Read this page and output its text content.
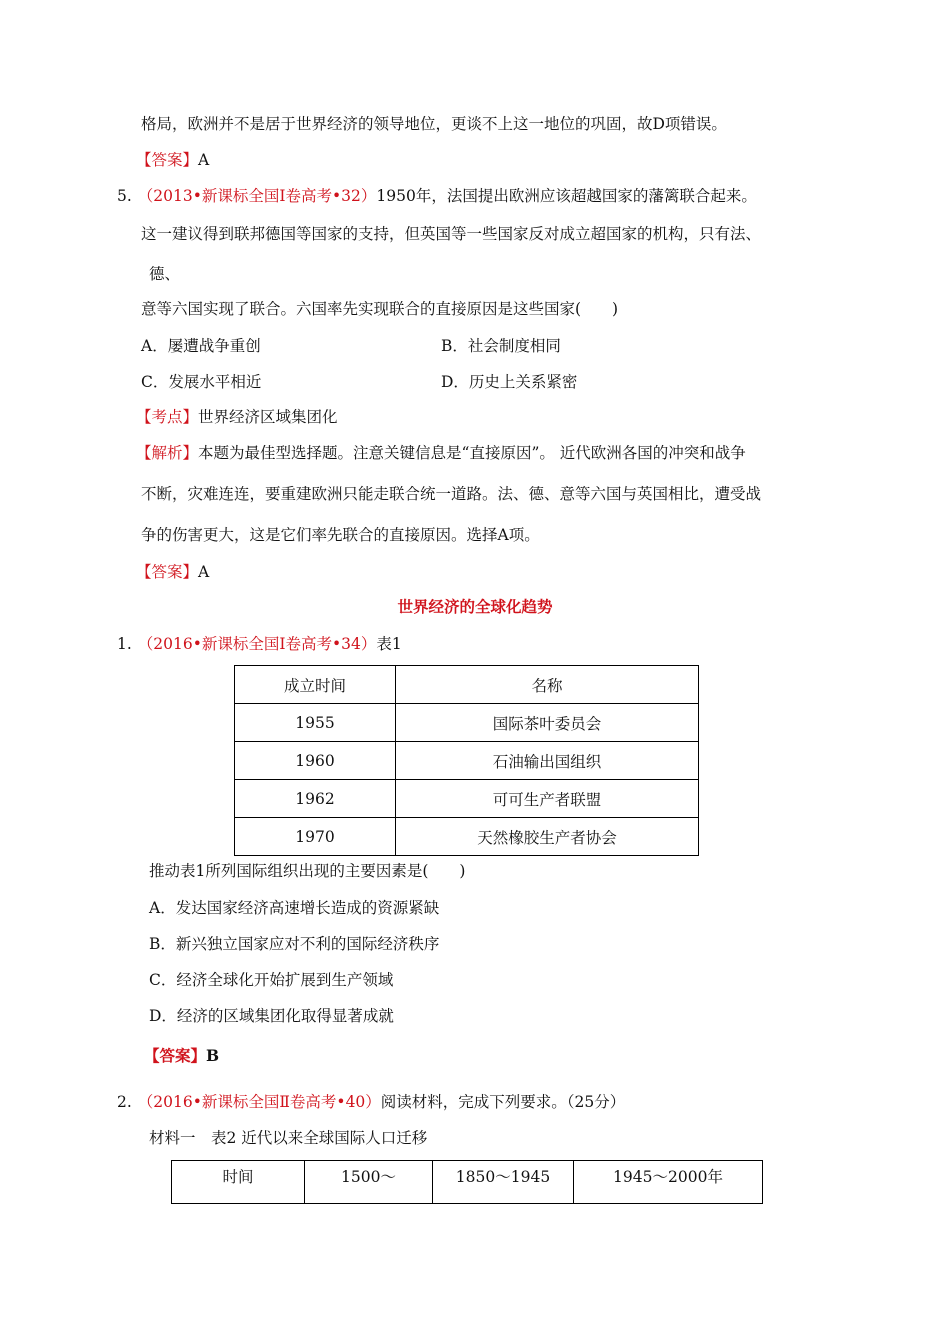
格局，欧洲并不是居于世界经济的领导地位，更谈不上这一地位的巩固，故D项错误。
【答案】A
5. （2013•新课标全国Ⅰ卷高考•32）1950年，法国提出欧洲应该超越国家的藩篱联合起来。
这一建议得到联邦德国等国家的支持，但英国等一些国家反对成立超国家的机构，只有法、
德、
意等六国实现了联合。六国率先实现联合的直接原因是这些国家(　　)
A．屡遭战争重创	B．社会制度相同
C．发展水平相近	D．历史上关系紧密
【考点】世界经济区域集团化
【解析】本题为最佳型选择题。注意关键信息是“直接原因”。 近代欧洲各国的冲突和战争
不断，灾难连连，要重建欧洲只能走联合统一道路。法、德、意等六国与英国相比，遭受战
争的伤害更大，这是它们率先联合的直接原因。选择A项。
【答案】A
世界经济的全球化趋势
1. （2016•新课标全国Ⅰ卷高考•34）表1
成立时间	名称
1955	国际茶叶委员会
1960	石油输出国组织
1962	可可生产者联盟
1970	天然橡胶生产者协会
推动表1所列国际组织出现的主要因素是(　　)
A．发达国家经济高速增长造成的资源紧缺
B．新兴独立国家应对不利的国际经济秩序
C．经济全球化开始扩展到生产领域
D．经济的区域集团化取得显著成就
【答案】B
2. （2016•新课标全国Ⅱ卷高考•40）阅读材料，完成下列要求。（25分）
材料一　表2 近代以来全球国际人口迁移
时间	1500～	1850～1945	1945～2000年
